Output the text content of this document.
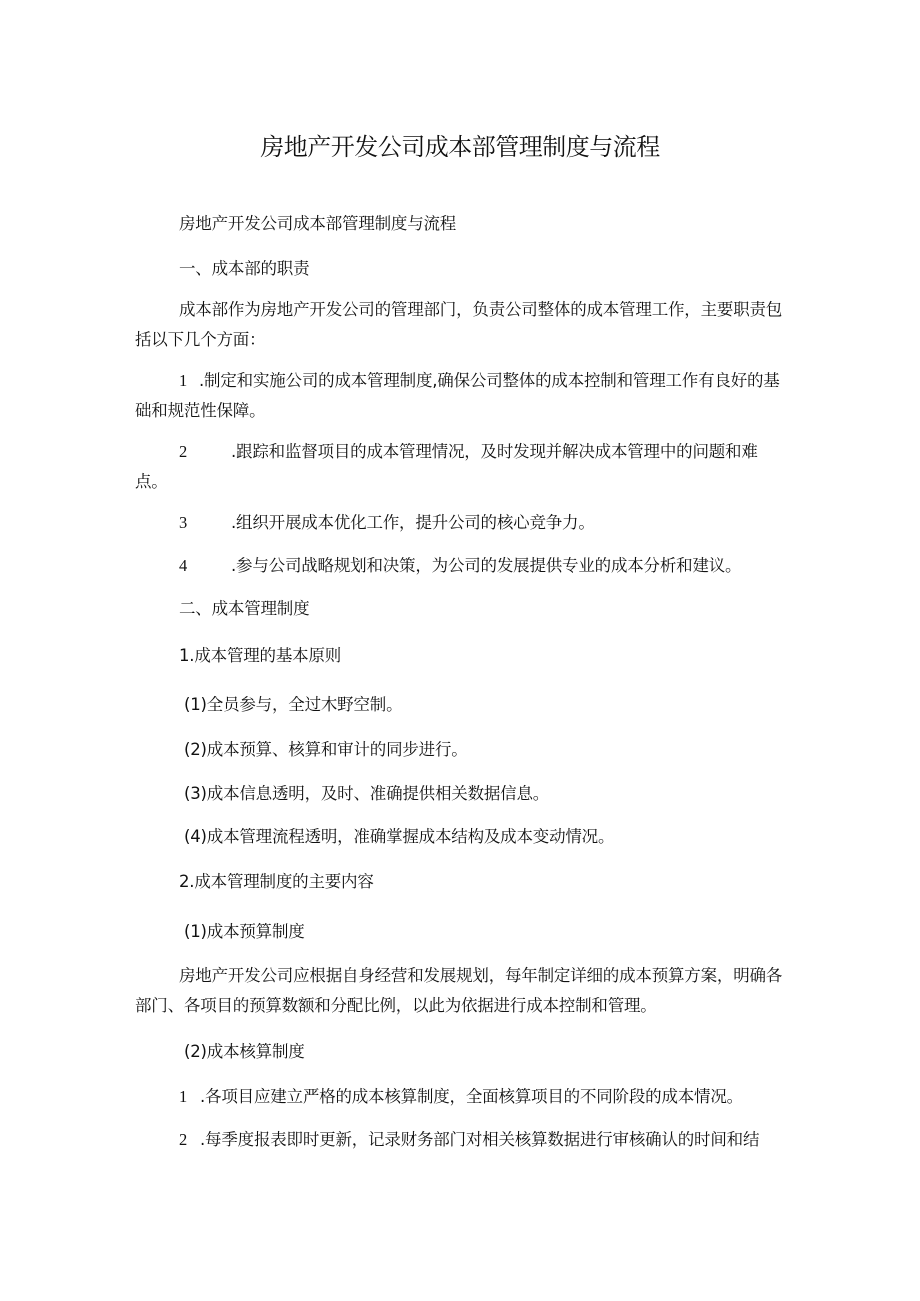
房地产开发公司成本部管理制度与流程
房地产开发公司成本部管理制度与流程
一、成本部的职责

成本部作为房地产开发公司的管理部门，负责公司整体的成本管理工作，主要职责包括以下几个方面：

1 .制定和实施公司的成本管理制度,确保公司整体的成本控制和管理工作有良好的基础和规范性保障。

2	.跟踪和监督项目的成本管理情况，及时发现并解决成本管理中的问题和难点。

3	.组织开展成本优化工作，提升公司的核心竞争力。
4	.参与公司战略规划和决策，为公司的发展提供专业的成本分析和建议。
二、成本管理制度
1.成本管理的基本原则
(1)全员参与，全过木野空制。
(2)成本预算、核算和审计的同步进行。
(3)成本信息透明，及时、准确提供相关数据信息。
(4)成本管理流程透明，准确掌握成本结构及成本变动情况。
2.成本管理制度的主要内容
(1)成本预算制度

房地产开发公司应根据自身经营和发展规划，每年制定详细的成本预算方案，明确各部门、各项目的预算数额和分配比例，以此为依据进行成本控制和管理。

(2)成本核算制度
1 .各项目应建立严格的成本核算制度，全面核算项目的不同阶段的成本情况。
2 .每季度报表即时更新，记录财务部门对相关核算数据进行审核确认的时间和结
